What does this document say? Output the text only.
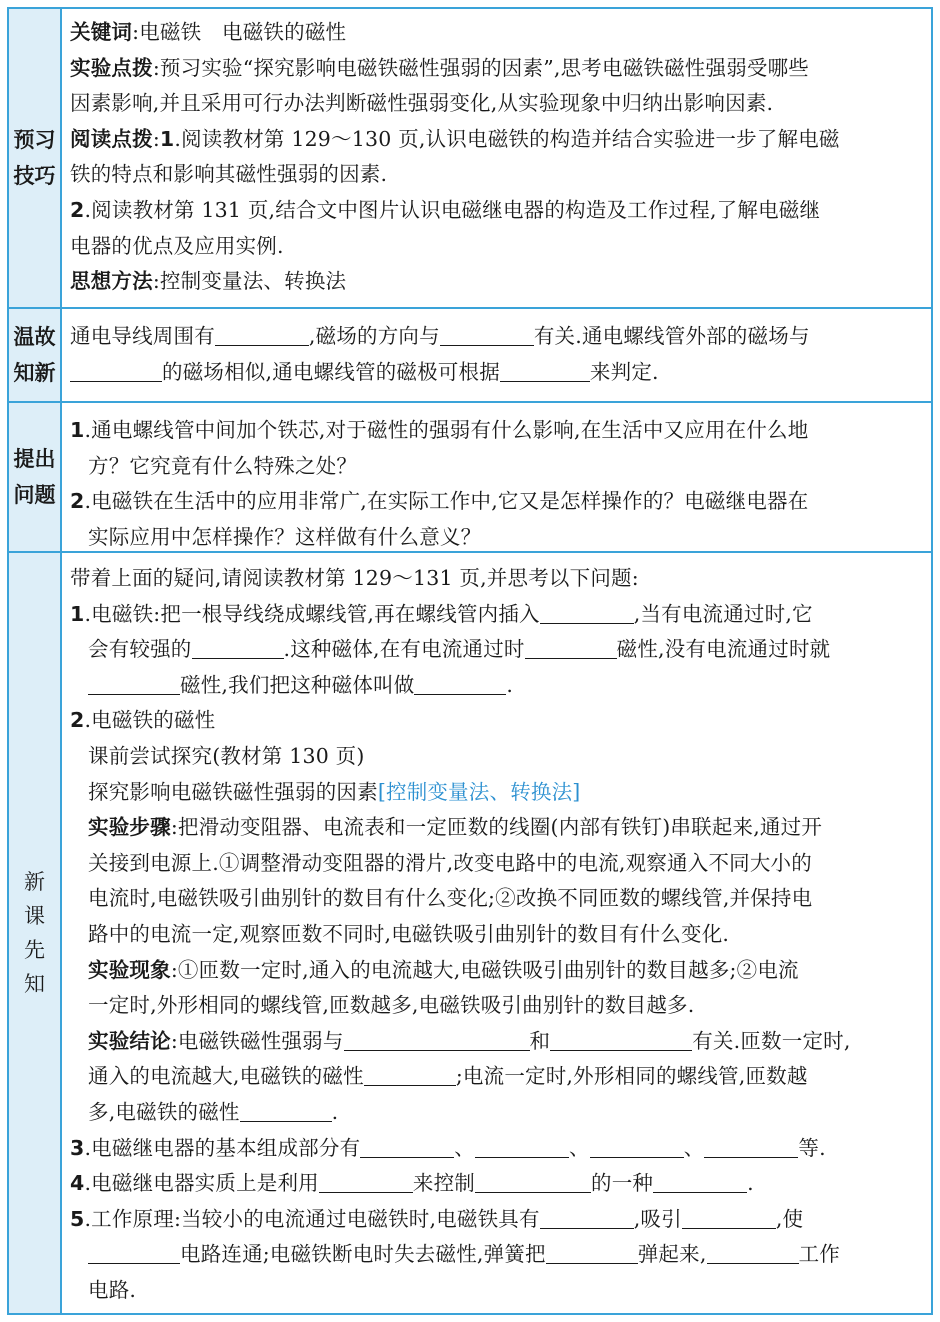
预习技巧
关键词:电磁铁　电磁铁的磁性
实验点拨:预习实验“探究影响电磁铁磁性强弱的因素”,思考电磁铁磁性强弱受哪些
因素影响,并且采用可行办法判断磁性强弱变化,从实验现象中归纳出影响因素.
阅读点拨:1.阅读教材第 129～130 页,认识电磁铁的构造并结合实验进一步了解电磁
铁的特点和影响其磁性强弱的因素.
2.阅读教材第 131 页,结合文中图片认识电磁继电器的构造及工作过程,了解电磁继
电器的优点及应用实例.
思想方法:控制变量法、转换法
温故
知新
通电导线周围有	,磁场的方向与	有关.通电螺线管外部的磁场与
的磁场相似,通电螺线管的磁极可根据	来判定.
提出
问题
1.通电螺线管中间加个铁芯,对于磁性的强弱有什么影响,在生活中又应用在什么地
方？它究竟有什么特殊之处？
2.电磁铁在生活中的应用非常广,在实际工作中,它又是怎样操作的？电磁继电器在
实际应用中怎样操作？这样做有什么意义？
新
课
先
知
带着上面的疑问,请阅读教材第 129～131 页,并思考以下问题:
1.电磁铁:把一根导线绕成螺线管,再在螺线管内插入	,当有电流通过时,它
会有较强的	.这种磁体,在有电流通过时	磁性,没有电流通过时就
磁性,我们把这种磁体叫做	.
2.电磁铁的磁性
课前尝试探究(教材第 130 页)
探究影响电磁铁磁性强弱的因素[控制变量法、转换法]
实验步骤:把滑动变阻器、电流表和一定匝数的线圈(内部有铁钉)串联起来,通过开
关接到电源上.①调整滑动变阻器的滑片,改变电路中的电流,观察通入不同大小的
电流时,电磁铁吸引曲别针的数目有什么变化;②改换不同匝数的螺线管,并保持电
路中的电流一定,观察匝数不同时,电磁铁吸引曲别针的数目有什么变化.
实验现象:①匝数一定时,通入的电流越大,电磁铁吸引曲别针的数目越多;②电流
一定时,外形相同的螺线管,匝数越多,电磁铁吸引曲别针的数目越多.
实验结论:电磁铁磁性强弱与	和	有关.匝数一定时,
通入的电流越大,电磁铁的磁性	;电流一定时,外形相同的螺线管,匝数越
多,电磁铁的磁性	.
3.电磁继电器的基本组成部分有	、	、	、	等.
4.电磁继电器实质上是利用	来控制	的一种	.
5.工作原理:当较小的电流通过电磁铁时,电磁铁具有	,吸引	,使
电路连通;电磁铁断电时失去磁性,弹簧把	弹起来,	工作
电路.
